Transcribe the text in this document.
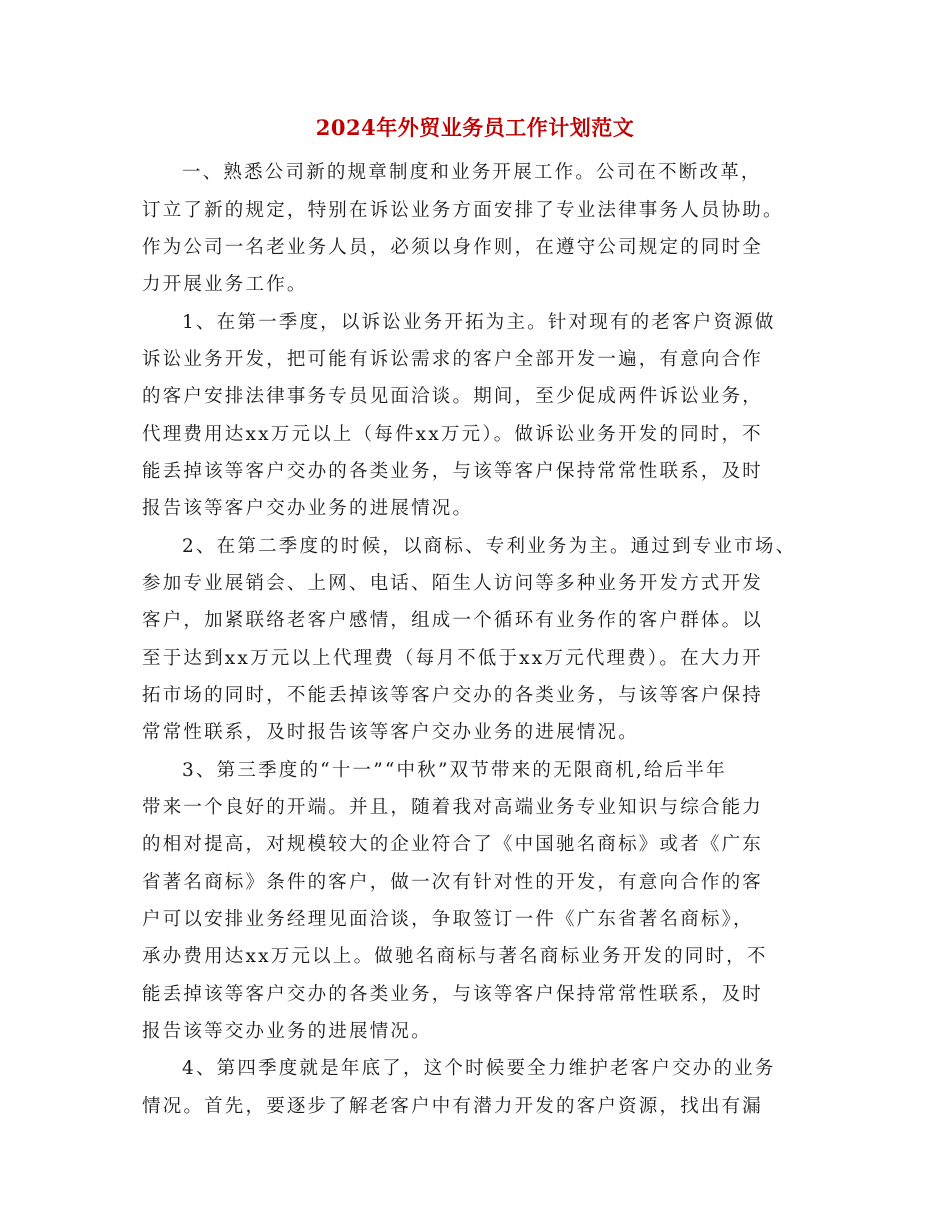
2024年外贸业务员工作计划范文
一、熟悉公司新的规章制度和业务开展工作。公司在不断改革，
订立了新的规定，特别在诉讼业务方面安排了专业法律事务人员协助。
作为公司一名老业务人员，必须以身作则，在遵守公司规定的同时全
力开展业务工作。
1、在第一季度，以诉讼业务开拓为主。针对现有的老客户资源做
诉讼业务开发，把可能有诉讼需求的客户全部开发一遍，有意向合作
的客户安排法律事务专员见面洽谈。期间，至少促成两件诉讼业务，
代理费用达xx万元以上（每件xx万元）。做诉讼业务开发的同时，不
能丢掉该等客户交办的各类业务，与该等客户保持常常性联系，及时
报告该等客户交办业务的进展情况。
2、在第二季度的时候，以商标、专利业务为主。通过到专业市场、
参加专业展销会、上网、电话、陌生人访问等多种业务开发方式开发
客户，加紧联络老客户感情，组成一个循环有业务作的客户群体。以
至于达到xx万元以上代理费（每月不低于xx万元代理费）。在大力开
拓市场的同时，不能丢掉该等客户交办的各类业务，与该等客户保持
常常性联系，及时报告该等客户交办业务的进展情况。
3、第三季度的“十一”“中秋”双节带来的无限商机,给后半年
带来一个良好的开端。并且，随着我对高端业务专业知识与综合能力
的相对提高，对规模较大的企业符合了《中国驰名商标》或者《广东
省著名商标》条件的客户，做一次有针对性的开发，有意向合作的客
户可以安排业务经理见面洽谈，争取签订一件《广东省著名商标》，
承办费用达xx万元以上。做驰名商标与著名商标业务开发的同时，不
能丢掉该等客户交办的各类业务，与该等客户保持常常性联系，及时
报告该等交办业务的进展情况。
4、第四季度就是年底了，这个时候要全力维护老客户交办的业务
情况。首先，要逐步了解老客户中有潜力开发的客户资源，找出有漏
